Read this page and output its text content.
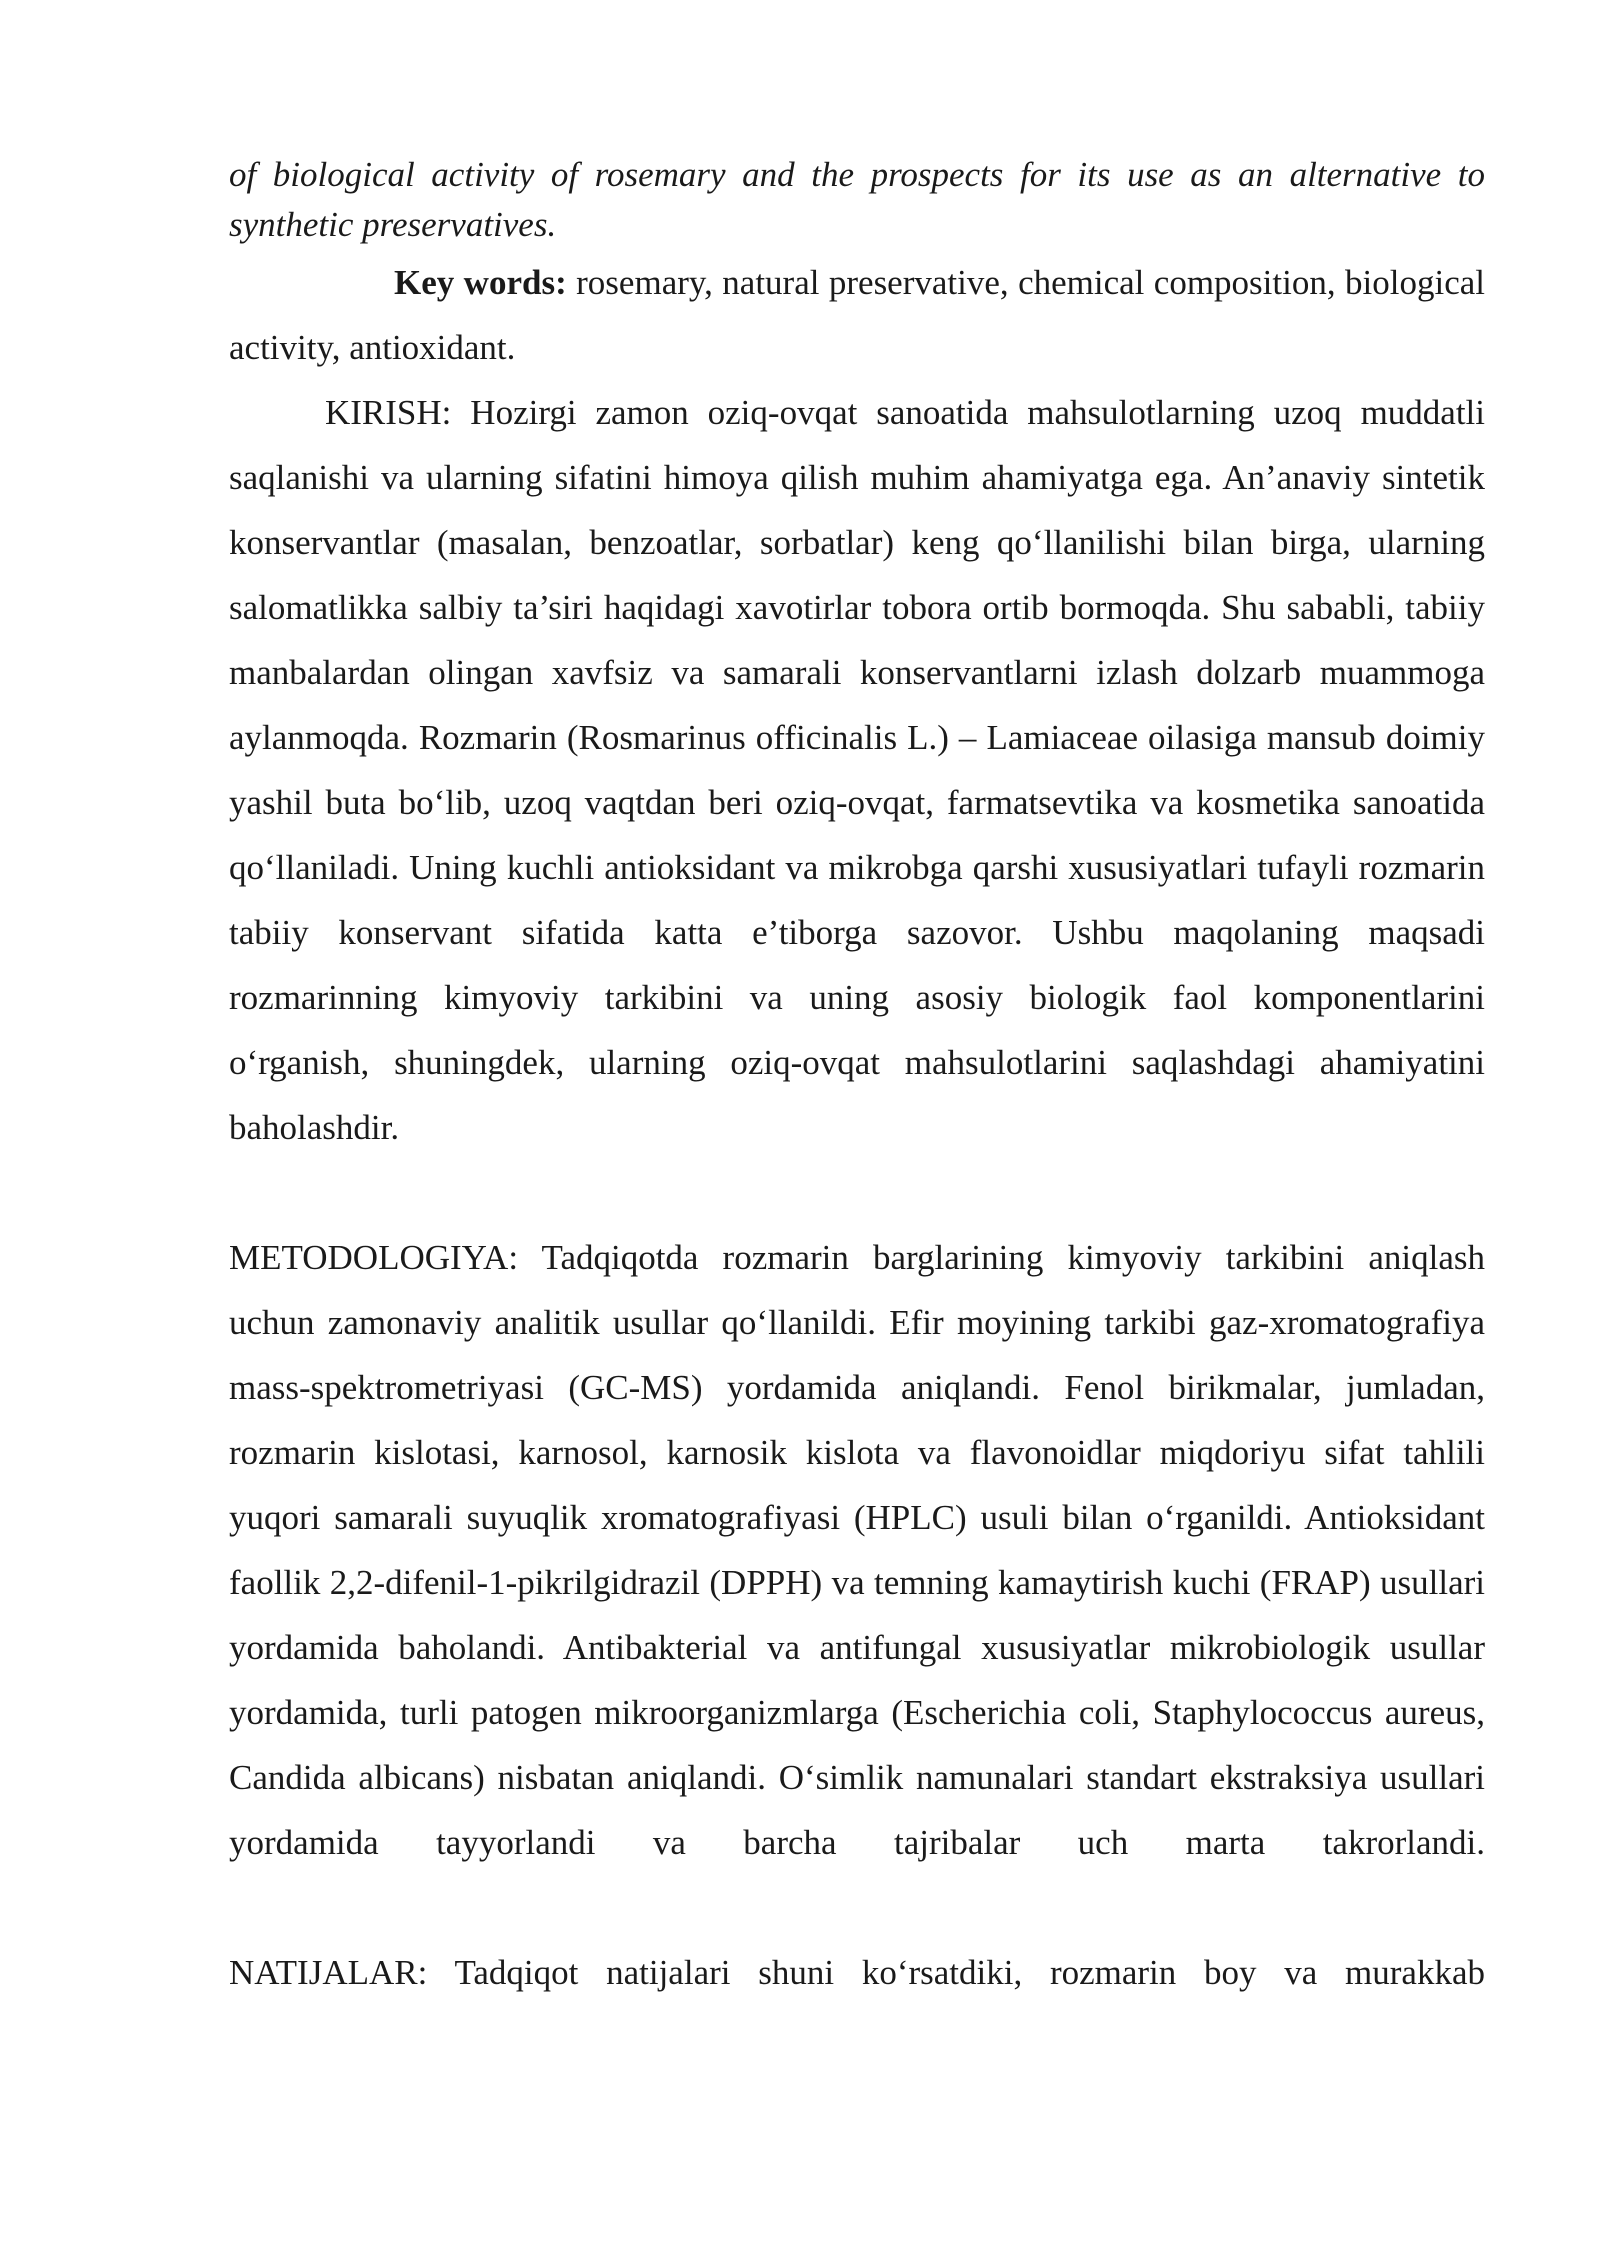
of biological activity of rosemary and the prospects for its use as an alternative to synthetic preservatives.

Key words: rosemary, natural preservative, chemical composition, biological activity, antioxidant.

KIRISH: Hozirgi zamon oziq-ovqat sanoatida mahsulotlarning uzoq muddatli saqlanishi va ularning sifatini himoya qilish muhim ahamiyatga ega. An’anaviy sintetik konservantlar (masalan, benzoatlar, sorbatlar) keng qo‘llanilishi bilan birga, ularning salomatlikka salbiy ta’siri haqidagi xavotirlar tobora ortib bormoqda. Shu sababli, tabiiy manbalardan olingan xavfsiz va samarali konservantlarni izlash dolzarb muammoga aylanmoqda. Rozmarin (Rosmarinus officinalis L.) – Lamiaceae oilasiga mansub doimiy yashil buta bo‘lib, uzoq vaqtdan beri oziq-ovqat, farmatsevtika va kosmetika sanoatida qo‘llaniladi. Uning kuchli antioksidant va mikrobga qarshi xususiyatlari tufayli rozmarin tabiiy konservant sifatida katta e’tiborga sazovor. Ushbu maqolaning maqsadi rozmarinning kimyoviy tarkibini va uning asosiy biologik faol komponentlarini o‘rganish, shuningdek, ularning oziq-ovqat mahsulotlarini saqlashdagi ahamiyatini baholashdir.

METODOLOGIYA: Tadqiqotda rozmarin barglarining kimyoviy tarkibini aniqlash uchun zamonaviy analitik usullar qo‘llanildi. Efir moyining tarkibi gaz-xromatografiya mass-spektrometriyasi (GC-MS) yordamida aniqlandi. Fenol birikmalar, jumladan, rozmarin kislotasi, karnosol, karnosik kislota va flavonoidlar miqdoriyu sifat tahlili yuqori samarali suyuqlik xromatografiyasi (HPLC) usuli bilan o‘rganildi. Antioksidant faollik 2,2-difenil-1-pikrilgidrazil (DPPH) va temning kamaytirish kuchi (FRAP) usullari yordamida baholandi. Antibakterial va antifungal xususiyatlar mikrobiologik usullar yordamida, turli patogen mikroorganizmlarga (Escherichia coli, Staphylococcus aureus, Candida albicans) nisbatan aniqlandi. O‘simlik namunalari standart ekstraksiya usullari yordamida tayyorlandi va barcha tajribalar uch marta takrorlandi.

NATIJALAR: Tadqiqot natijalari shuni ko‘rsatdiki, rozmarin boy va murakkab
